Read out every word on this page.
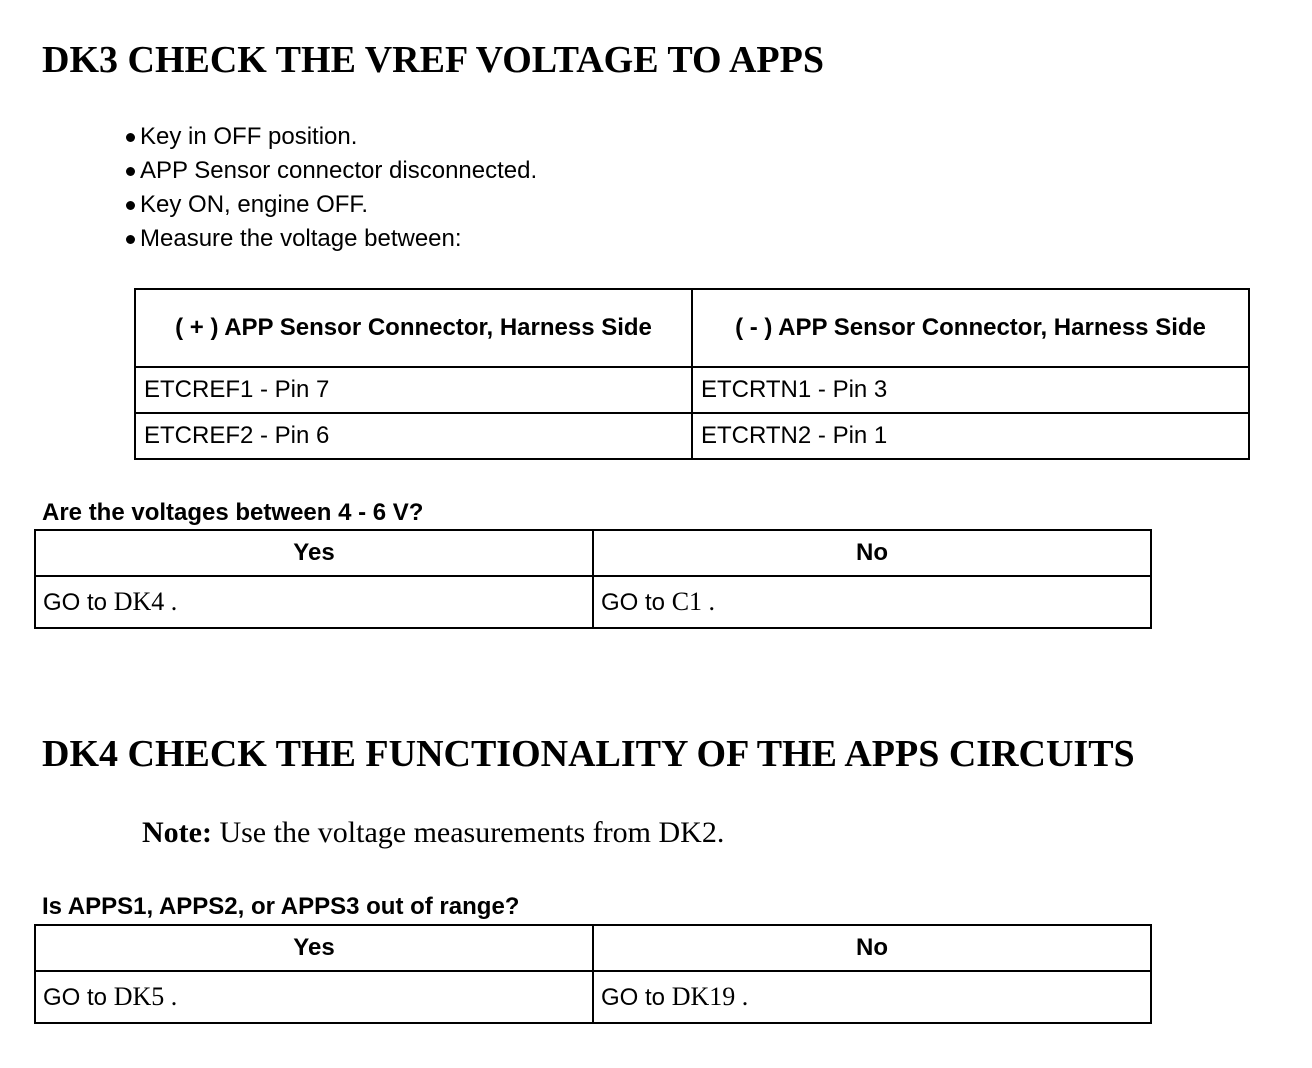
DK3 CHECK THE VREF VOLTAGE TO APPS
Key in OFF position.
APP Sensor connector disconnected.
Key ON, engine OFF.
Measure the voltage between:
( + ) APP Sensor Connector, Harness Side	( - ) APP Sensor Connector, Harness Side
ETCREF1 - Pin 7	ETCRTN1 - Pin 3
ETCREF2 - Pin 6	ETCRTN2 - Pin 1

Are the voltages between 4 - 6 V?

Yes	No
GO to DK4 .	GO to C1 .
DK4 CHECK THE FUNCTIONALITY OF THE APPS CIRCUITS

Note: Use the voltage measurements from DK2.

Is APPS1, APPS2, or APPS3 out of range?

Yes	No
GO to DK5 .	GO to DK19 .
